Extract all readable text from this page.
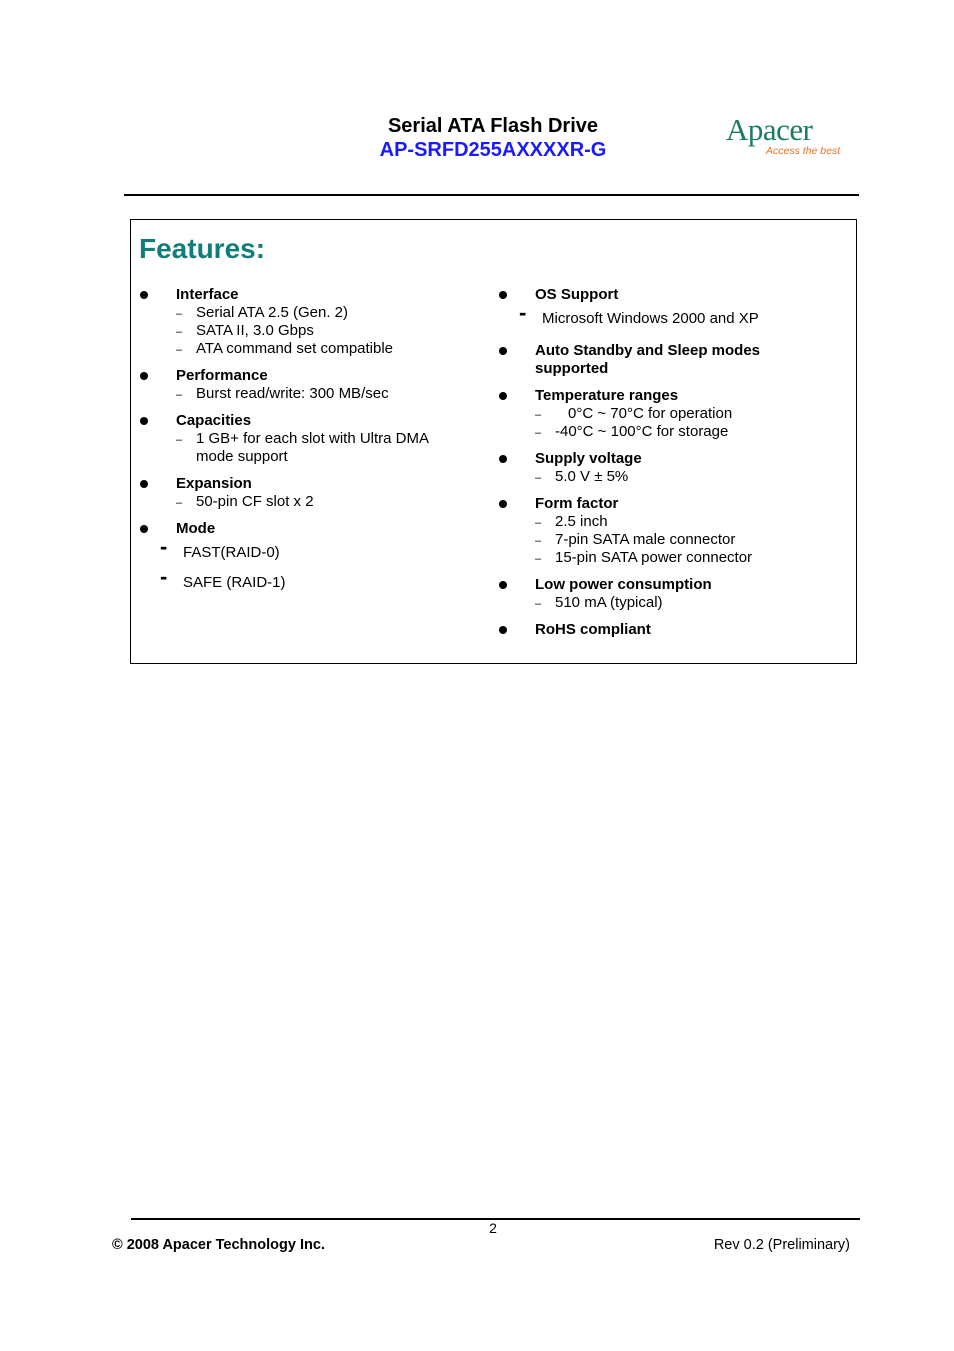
Serial ATA Flash Drive
AP-SRFD255AXXXXR-G
Apacer
Access the best
Features:
Interface
– Serial ATA 2.5 (Gen. 2)
– SATA II, 3.0 Gbps
– ATA command set compatible
Performance
– Burst read/write: 300 MB/sec
Capacities
– 1 GB+ for each slot with Ultra DMA
mode support
Expansion
– 50-pin CF slot x 2
Mode
- FAST(RAID-0)
- SAFE (RAID-1)
OS Support
- Microsoft Windows 2000 and XP
Auto Standby and Sleep modes
supported
Temperature ranges
– 0°C ~ 70°C for operation
– -40°C ~ 100°C for storage
Supply voltage
– 5.0 V ± 5%
Form factor
– 2.5 inch
– 7-pin SATA male connector
– 15-pin SATA power connector
Low power consumption
– 510 mA (typical)
RoHS compliant
2
© 2008 Apacer Technology Inc.	Rev 0.2 (Preliminary)
